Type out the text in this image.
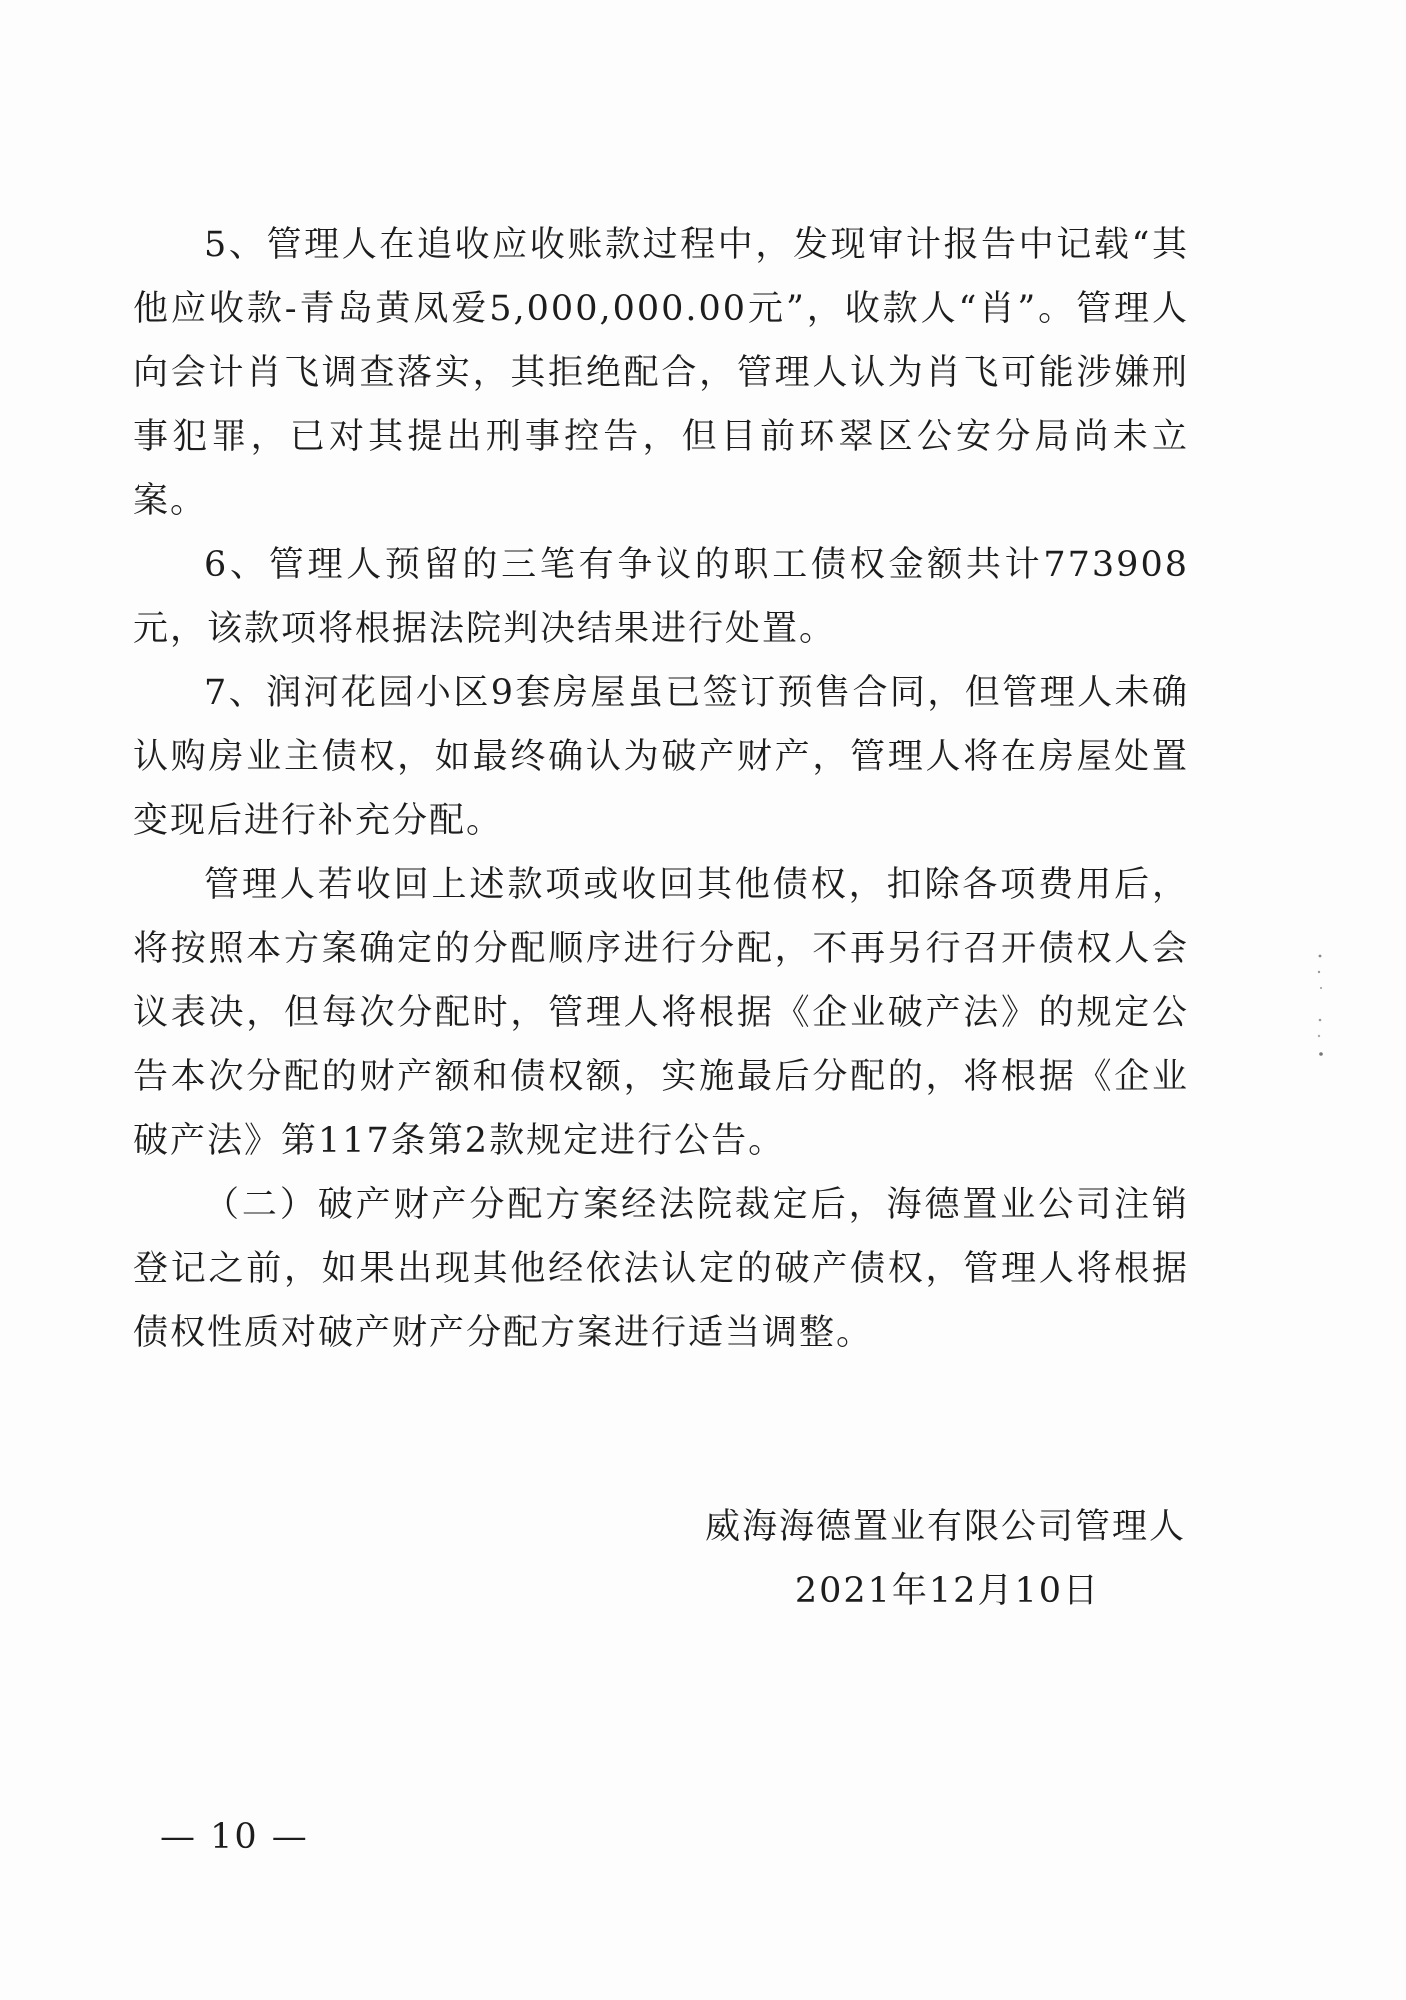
5、管理人在追收应收账款过程中，发现审计报告中记载“其他应收款-青岛黄凤爱5,000,000.00元”，收款人“肖”。管理人向会计肖飞调查落实，其拒绝配合，管理人认为肖飞可能涉嫌刑事犯罪，已对其提出刑事控告，但目前环翠区公安分局尚未立案。

6、管理人预留的三笔有争议的职工债权金额共计773908元，该款项将根据法院判决结果进行处置。

7、润河花园小区9套房屋虽已签订预售合同，但管理人未确认购房业主债权，如最终确认为破产财产，管理人将在房屋处置变现后进行补充分配。

管理人若收回上述款项或收回其他债权，扣除各项费用后，将按照本方案确定的分配顺序进行分配，不再另行召开债权人会议表决，但每次分配时，管理人将根据《企业破产法》的规定公告本次分配的财产额和债权额，实施最后分配的，将根据《企业破产法》第117条第2款规定进行公告。

（二）破产财产分配方案经法院裁定后，海德置业公司注销登记之前，如果出现其他经依法认定的破产债权，管理人将根据债权性质对破产财产分配方案进行适当调整。

威海海德置业有限公司管理人

2021年12月10日

— 10 —
